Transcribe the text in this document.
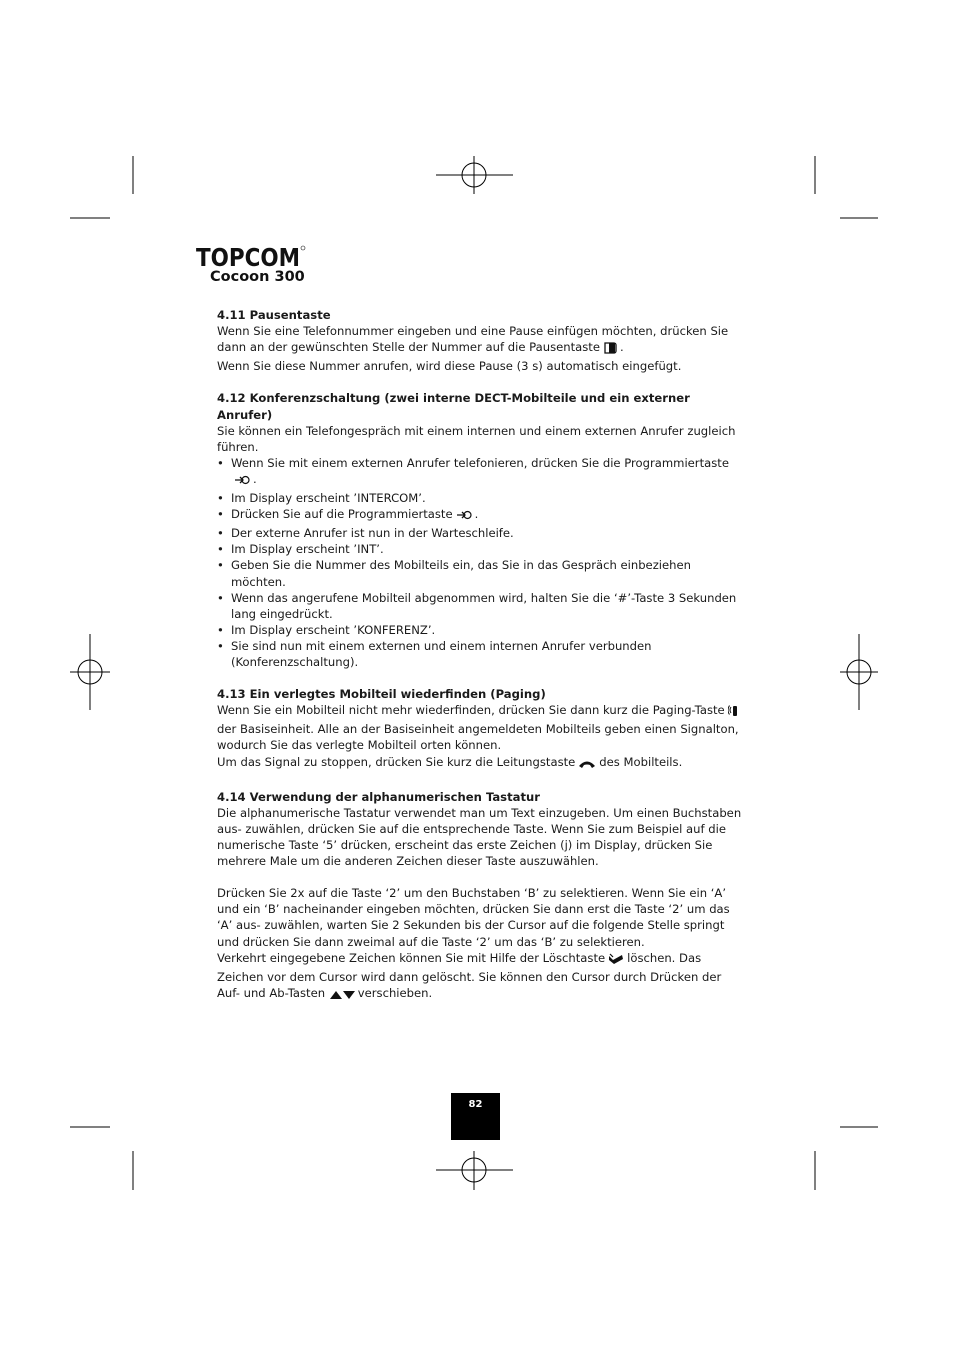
TOPCOM
Cocoon 300
4.11 Pausentaste

Wenn Sie eine Telefonnummer eingeben und eine Pause einfügen möchten, drücken Sie dann an der gewünschten Stelle der Nummer auf die Pausentaste .

Wenn Sie diese Nummer anrufen, wird diese Pause (3 s) automatisch eingefügt.

4.12 Konferenzschaltung (zwei interne DECT-Mobilteile und ein externer Anrufer)

Sie können ein Telefongespräch mit einem internen und einem externen Anrufer zugleich führen.

• Wenn Sie mit einem externen Anrufer telefonieren, drücken Sie die Programmiertaste.
• Im Display erscheint ’INTERCOM’.
• Drücken Sie auf die Programmiertaste .
• Der externe Anrufer ist nun in der Warteschleife.
• Im Display erscheint ’INT’.
• Geben Sie die Nummer des Mobilteils ein, das Sie in das Gespräch einbeziehen möchten.
• Wenn das angerufene Mobilteil abgenommen wird, halten Sie die ‘#’-Taste 3 Sekunden lang eingedrückt.
• Im Display erscheint ’KONFERENZ’.
• Sie sind nun mit einem externen und einem internen Anrufer verbunden (Konferenzschaltung).
4.13 Ein verlegtes Mobilteil wiederfinden (Paging)

Wenn Sie ein Mobilteil nicht mehr wiederfinden, drücken Sie dann kurz die Paging-Tasteder Basiseinheit. Alle an der Basiseinheit angemeldeten Mobilteils geben einen Signalton, wodurch Sie das verlegte Mobilteil orten können.

Um das Signal zu stoppen, drücken Sie kurz die Leitungstaste des Mobilteils.

4.14 Verwendung der alphanumerischen Tastatur

Die alphanumerische Tastatur verwendet man um Text einzugeben. Um einen Buchstaben aus- zuwählen, drücken Sie auf die entsprechende Taste. Wenn Sie zum Beispiel auf die numerische Taste ‘5’ drücken, erscheint das erste Zeichen (j) im Display, drücken Sie mehrere Male um die anderen Zeichen dieser Taste auszuwählen.

Drücken Sie 2x auf die Taste ‘2’ um den Buchstaben ‘B’ zu selektieren. Wenn Sie ein ‘A’ und ein ‘B’ nacheinander eingeben möchten, drücken Sie dann erst die Taste ‘2’ um das ‘A’ aus- zuwählen, warten Sie 2 Sekunden bis der Cursor auf die folgende Stelle springt und drücken Sie dann zweimal auf die Taste ‘2’ um das ‘B’ zu selektieren.

Verkehrt eingegebene Zeichen können Sie mit Hilfe der Löschtaste löschen. Das Zeichen vor dem Cursor wird dann gelöscht. Sie können den Cursor durch Drücken der Auf- und Ab-Tasten	verschieben.

82
